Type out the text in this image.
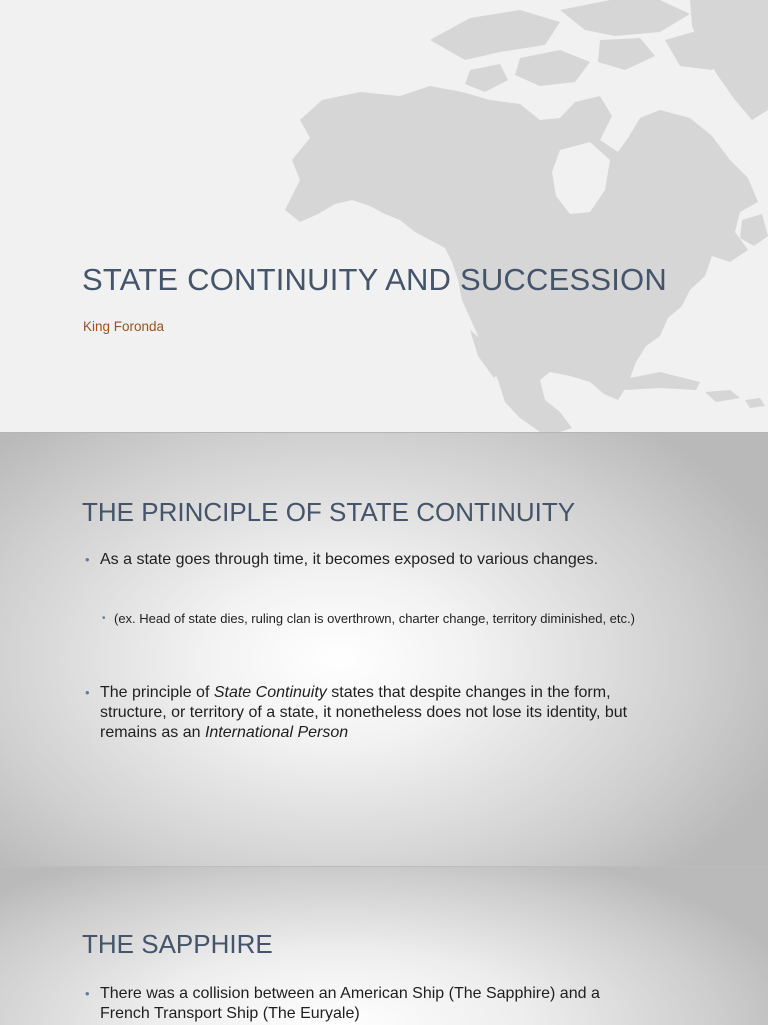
STATE CONTINUITY AND SUCCESSION
King Foronda
THE PRINCIPLE OF STATE CONTINUITY
• As a state goes through time, it becomes exposed to various changes.
• (ex. Head of state dies, ruling clan is overthrown, charter change, territory diminished, etc.)
• The principle of State Continuity states that despite changes in the form, structure, or territory of a state, it nonetheless does not lose its identity, but remains as an International Person
THE SAPPHIRE
• There was a collision between an American Ship (The Sapphire) and a French Transport Ship (The Euryale)
